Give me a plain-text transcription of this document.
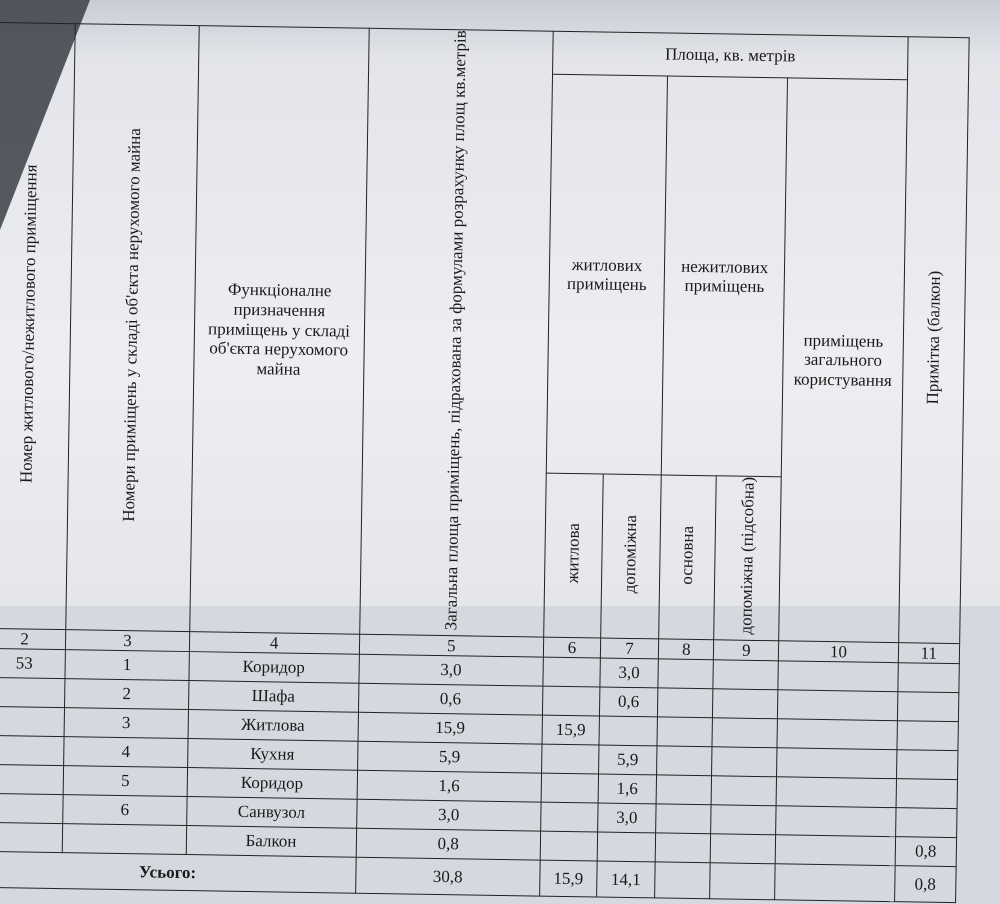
	Номер житлового/нежитлового приміщення	Номери приміщень у складі об'єкта нерухомого майна	Функціоналне призначення приміщень у складі об'єкта нерухомого майна	Загальна площа приміщень, підрахована за формулами розрахунку площ кв.метрів	Площа, кв. метрів					Примітка (балкон)
					житлових приміщень		нежитлових приміщень		приміщень загального користування	

					житлова	допоміжна	основна	допоміжна (підсобна)		
	2	3	4	5	6	7	8	9	10	11
	53	1	Коридор	3,0		3,0				
		2	Шафа	0,6		0,6				
		3	Житлова	15,9	15,9					
		4	Кухня	5,9		5,9				
		5	Коридор	1,6		1,6				
		6	Санвузол	3,0		3,0				
			Балкон	0,8						0,8
	Усього:			30,8	15,9	14,1				0,8
